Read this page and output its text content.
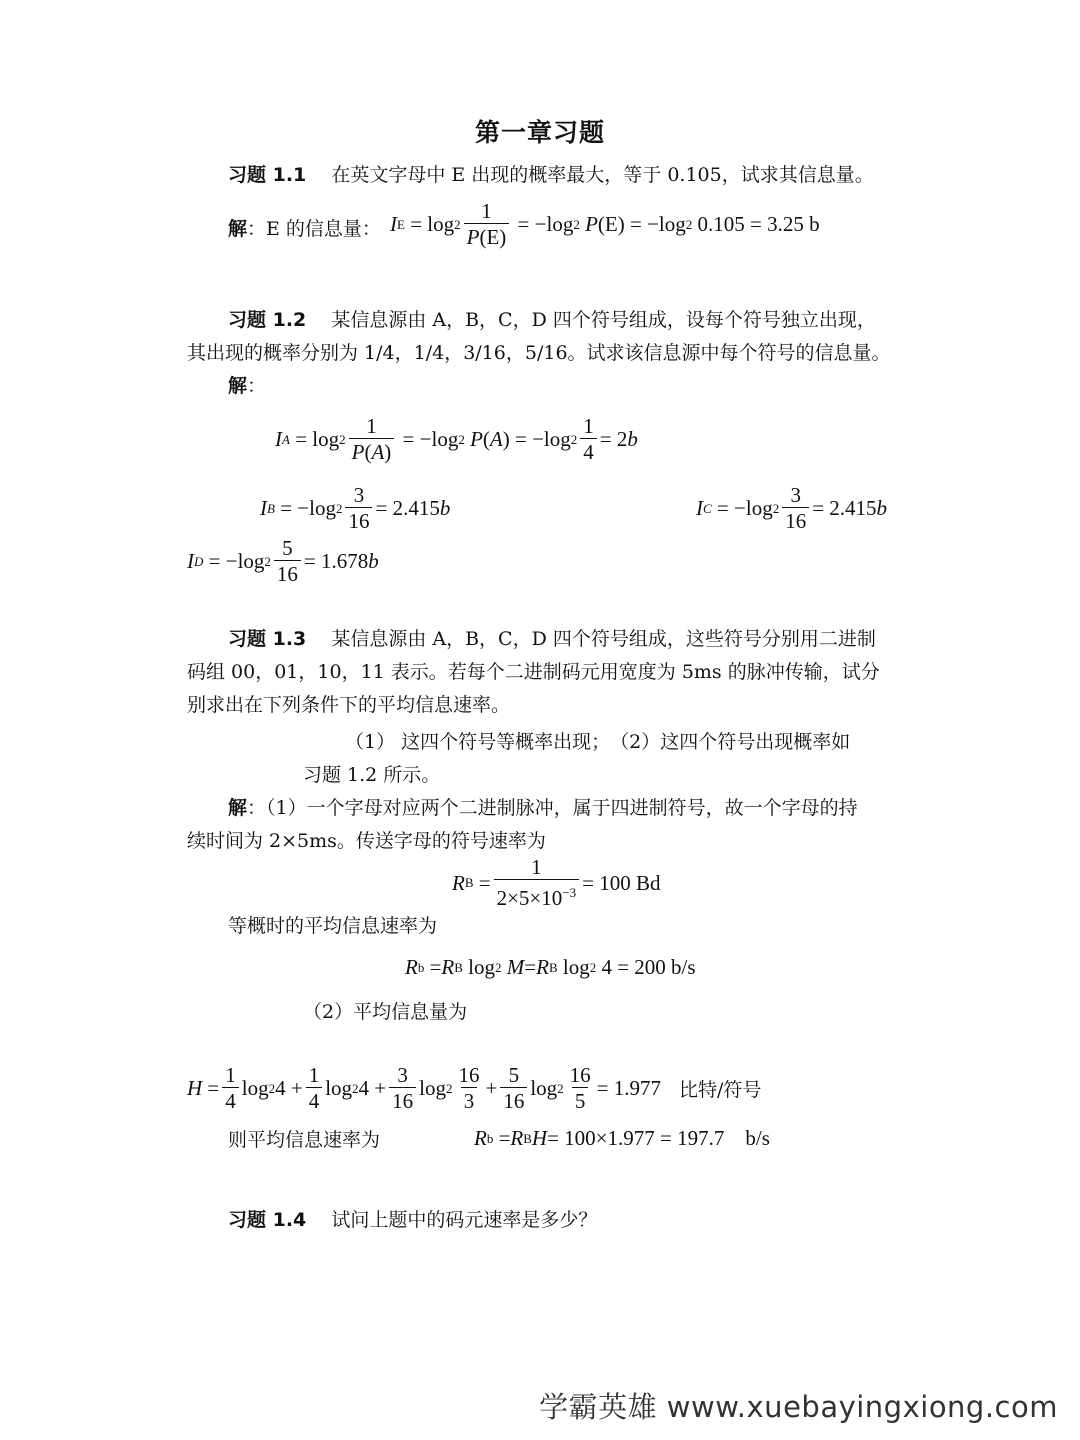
第一章习题
习题 1.1　 在英文字母中 E 出现的概率最大，等于 0.105，试求其信息量。
解：E 的信息量： I $E = \log 2 \frac{1}{P(E)} = -\log$ 2
P (E) = −log 2 0.105 = 3.25 b
习题 1.2　 某信息源由 A，B，C，D 四个符号组成，设每个符号独立出现，
其出现的概率分别为 1/4，1/4，3/16，5/16。试求该信息源中每个符号的信息量。
解：
I $A = \log 2 \frac{1}{P(A)} = -\log$ 2
P ( A ) = −log $2 \frac{1}{4} = 2$ b
I B = −log $2 \frac{3}{16} = 2.415$ b	I C = −log $2 \frac{3}{16} = 2.415$ b
I D = −log $2 \frac{5}{16} = 1.678$ b
习题 1.3　 某信息源由 A，B，C，D 四个符号组成，这些符号分别用二进制
码组 00，01，10，11 表示。若每个二进制码元用宽度为 5ms 的脉冲传输，试分
别求出在下列条件下的平均信息速率。
（1） 这四个符号等概率出现；　（2）这四个符号出现概率如
习题 1.2 所示。
解：（1）一个字母对应两个二进制脉冲，属于四进制符号，故一个字母的持
续时间为 2×5ms。传送字母的符号速率为
R $B = \frac{1}{2\times 5\times 10^{-3}} = 100$ Bd
等概时的平均信息速率为
R b = R B log 2
M = R B log 2 4 = 200 b/s
（2）平均信息量为
$H = \frac{1}{4}$ log 2 $4 + \frac{1}{4}$ log 2 $4 + \frac{3}{16}$ $\log 2 \frac{16}{3} + \frac{5}{16}$ $\log 2 \frac{16}{5} = 1.977$ 比特/符号
则平均信息速率为	R b = R B H = 100×1.977 = 197.7    b/s
习题 1.4　 试问上题中的码元速率是多少？
学霸英雄 www.xuebayingxiong.com
